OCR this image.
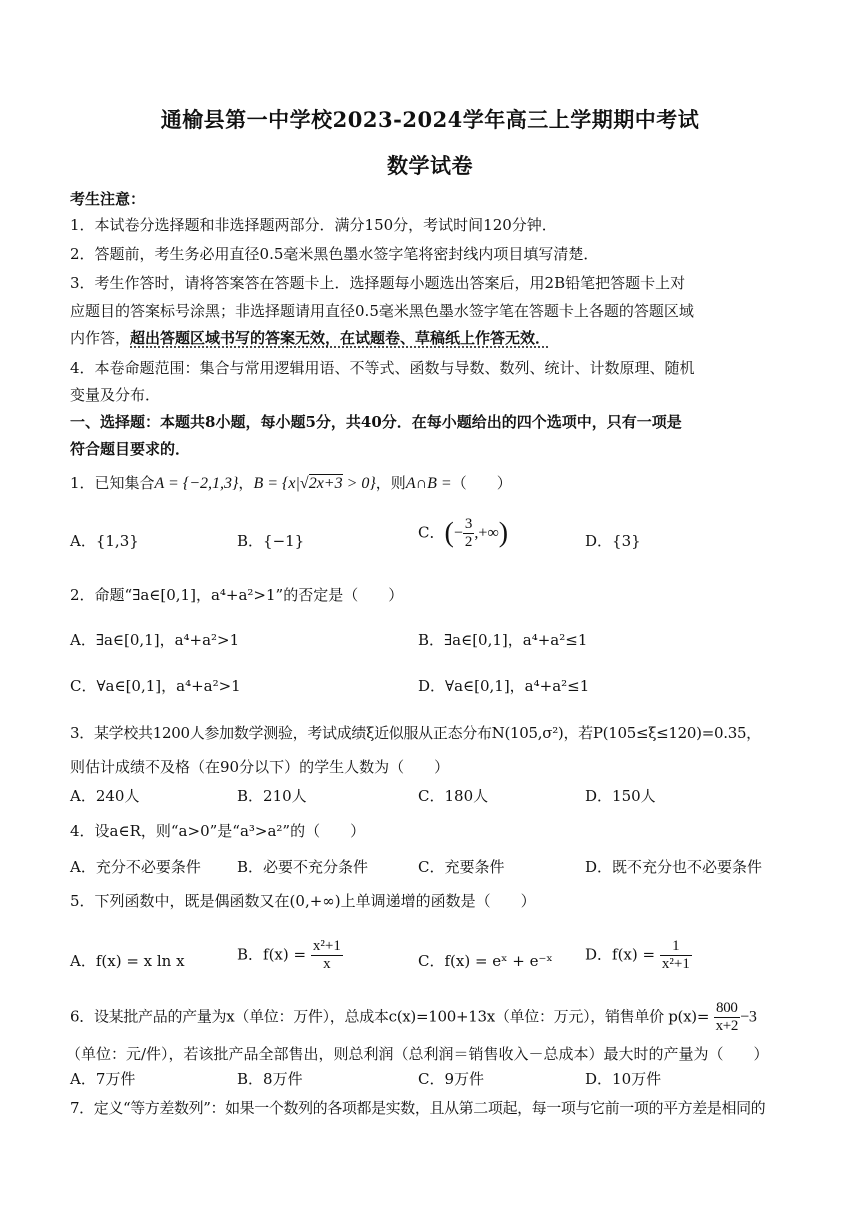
通榆县第一中学校2023-2024学年高三上学期期中考试
数学试卷
考生注意：
1．本试卷分选择题和非选择题两部分．满分150分，考试时间120分钟．
2．答题前，考生务必用直径0.5毫米黑色墨水签字笔将密封线内项目填写清楚．
3．考生作答时，请将答案答在答题卡上．选择题每小题选出答案后，用2B铅笔把答题卡上对
应题目的答案标号涂黑；非选择题请用直径0.5毫米黑色墨水签字笔在答题卡上各题的答题区域
内作答，超出答题区域书写的答案无效，在试题卷、草稿纸上作答无效．
4．本卷命题范围：集合与常用逻辑用语、不等式、函数与导数、数列、统计、计数原理、随机
变量及分布．
一、选择题：本题共8小题，每小题5分，共40分．在每小题给出的四个选项中，只有一项是
符合题目要求的．
1．已知集合A = {−2,1,3}，B = {x|√2x+3 > 0}，则A∩B =（　　）
A．{1,3}	B．{−1}	C．(− $\frac{3}{2}$ ,+∞)	D．{3}
2．命题“∃a∈[0,1]，a⁴+a²>1”的否定是（　　）
A．∃a∈[0,1]，a⁴+a²>1	B．∃a∈[0,1]，a⁴+a²≤1
C．∀a∈[0,1]，a⁴+a²>1	D．∀a∈[0,1]，a⁴+a²≤1
3．某学校共1200人参加数学测验，考试成绩ξ近似服从正态分布N(105,σ²)，若P(105≤ξ≤120)=0.35，
则估计成绩不及格（在90分以下）的学生人数为（　　）
A．240人	B．210人	C．180人	D．150人
4．设a∈R，则“a>0”是“a³>a²”的（　　）
A．充分不必要条件 B．必要不充分条件	C．充要条件	D．既不充分也不必要条件
5．下列函数中，既是偶函数又在(0,+∞)上单调递增的函数是（　　）
A．f(x) = x ln x	B．$f(x) = \frac{\text{x²+1}}{x}$	C．f(x) = eˣ + e⁻ˣ D．$f(x) = \frac{1}{\text{x²+1}}$
6．设某批产品的产量为x（单位：万件），总成本c(x)=100+13x（单位：万元），销售单价 $p(x)= \frac{800}{x+2} -3$
（单位：元/件），若该批产品全部售出，则总利润（总利润＝销售收入－总成本）最大时的产量为（　　）
A．7万件	B．8万件	C．9万件	D．10万件
7．定义“等方差数列”：如果一个数列的各项都是实数，且从第二项起，每一项与它前一项的平方差是相同的
